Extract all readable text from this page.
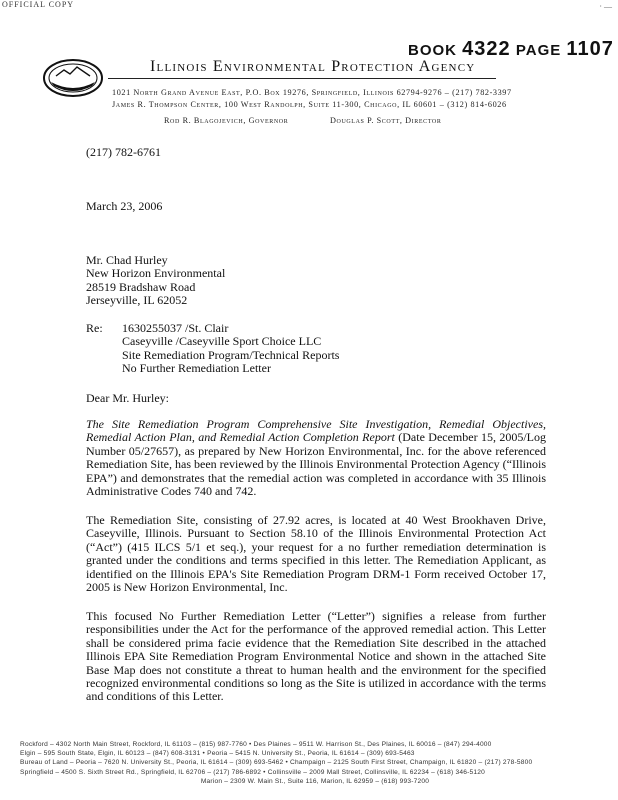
OFFICIAL COPY	· —
BOOK 4322 PAGE 1107
Illinois Environmental Protection Agency
1021 North Grand Avenue East, P.O. Box 19276, Springfield, Illinois 62794-9276 – (217) 782-3397
James R. Thompson Center, 100 West Randolph, Suite 11-300, Chicago, IL 60601 – (312) 814-6026
Rod R. Blagojevich, Governor	Douglas P. Scott, Director
(217) 782-6761
March 23, 2006
Mr. Chad Hurley
New Horizon Environmental
28519 Bradshaw Road
Jerseyville, IL 62052
Re: 1630255037 /St. Clair
Caseyville /Caseyville Sport Choice LLC
Site Remediation Program/Technical Reports
No Further Remediation Letter
Dear Mr. Hurley:
The Site Remediation Program Comprehensive Site Investigation, Remedial Objectives, Remedial Action Plan, and Remedial Action Completion Report (Date December 15, 2005/Log Number 05/27657), as prepared by New Horizon Environmental, Inc. for the above referenced Remediation Site, has been reviewed by the Illinois Environmental Protection Agency (“Illinois EPA”) and demonstrates that the remedial action was completed in accordance with 35 Illinois Administrative Codes 740 and 742.
The Remediation Site, consisting of 27.92 acres, is located at 40 West Brookhaven Drive, Caseyville, Illinois. Pursuant to Section 58.10 of the Illinois Environmental Protection Act (“Act”) (415 ILCS 5/1 et seq.), your request for a no further remediation determination is granted under the conditions and terms specified in this letter. The Remediation Applicant, as identified on the Illinois EPA's Site Remediation Program DRM-1 Form received October 17, 2005 is New Horizon Environmental, Inc.
This focused No Further Remediation Letter (“Letter”) signifies a release from further responsibilities under the Act for the performance of the approved remedial action. This Letter shall be considered prima facie evidence that the Remediation Site described in the attached Illinois EPA Site Remediation Program Environmental Notice and shown in the attached Site Base Map does not constitute a threat to human health and the environment for the specified recognized environmental conditions so long as the Site is utilized in accordance with the terms and conditions of this Letter.
Rockford – 4302 North Main Street, Rockford, IL 61103 – (815) 987-7760 • Des Plaines – 9511 W. Harrison St., Des Plaines, IL 60016 – (847) 294-4000
Elgin – 595 South State, Elgin, IL 60123 – (847) 608-3131 • Peoria – 5415 N. University St., Peoria, IL 61614 – (309) 693-5463
Bureau of Land – Peoria – 7620 N. University St., Peoria, IL 61614 – (309) 693-5462 • Champaign – 2125 South First Street, Champaign, IL 61820 – (217) 278-5800
Springfield – 4500 S. Sixth Street Rd., Springfield, IL 62706 – (217) 786-6892 • Collinsville – 2009 Mall Street, Collinsville, IL 62234 – (618) 346-5120
Marion – 2309 W. Main St., Suite 116, Marion, IL 62959 – (618) 993-7200
